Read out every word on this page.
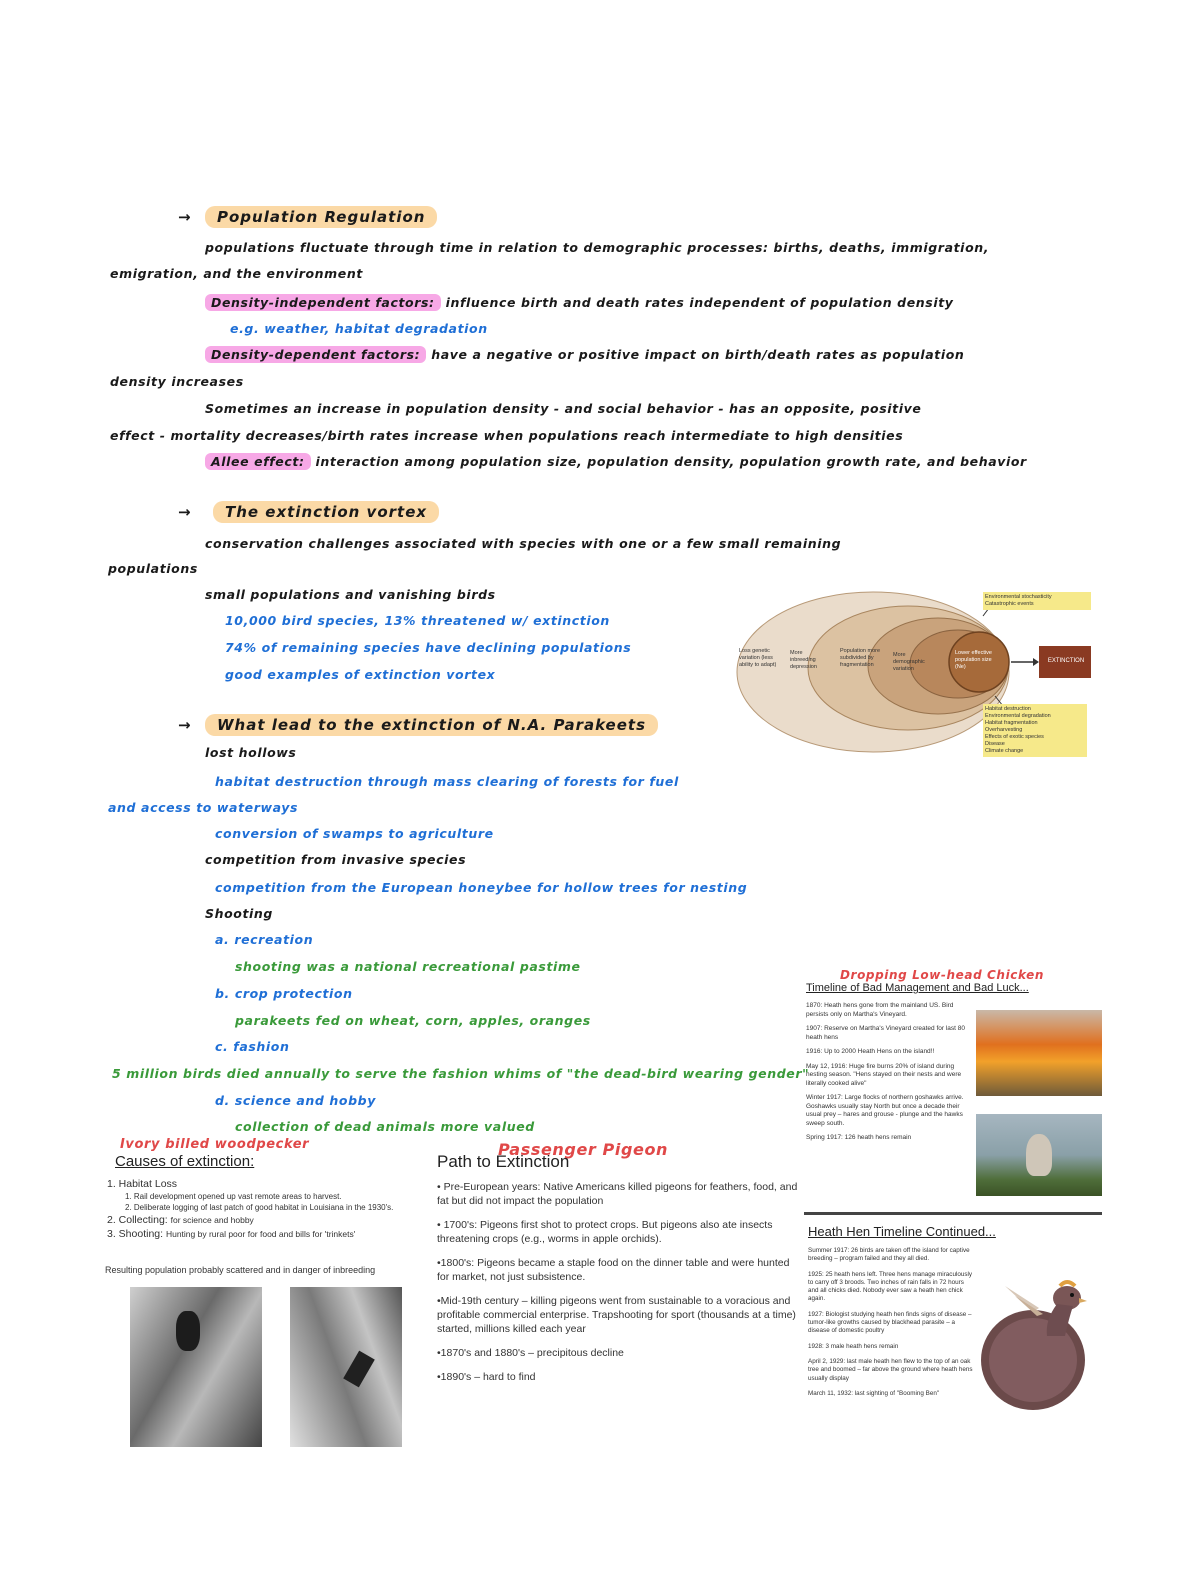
→	Population Regulation
populations fluctuate through time in relation to demographic processes: births, deaths, immigration,
emigration, and the environment
Density-independent factors: influence birth and death rates independent of population density
e.g. weather, habitat degradation
Density-dependent factors: have a negative or positive impact on birth/death rates as population
density increases
Sometimes an increase in population density - and social behavior - has an opposite, positive
effect - mortality decreases/birth rates increase when populations reach intermediate to high densities
Allee effect: interaction among population size, population density, population growth rate, and behavior
→	The extinction vortex
conservation challenges associated with species with one or a few small remaining
populations
small populations and vanishing birds
10,000 bird species, 13% threatened w/ extinction
74% of remaining species have declining populations
good examples of extinction vortex
Loss genetic variation (less ability to adapt)
More inbreeding depression
Population more subdivided by fragmentation
More demographic variation
Lower effective population size (Ne)
EXTINCTION
Environmental stochasticity
Catastrophic events
Habitat destruction
Environmental degradation
Habitat fragmentation
Overharvesting
Effects of exotic species
Disease
Climate change
→	What lead to the extinction of N.A. Parakeets
lost hollows
habitat destruction through mass clearing of forests for fuel
and access to waterways
conversion of swamps to agriculture
competition from invasive species
competition from the European honeybee for hollow trees for nesting
Shooting
a. recreation
shooting was a national recreational pastime
b. crop protection
parakeets fed on wheat, corn, apples, oranges
c. fashion
5 million birds died annually to serve the fashion whims of "the dead-bird wearing gender"
d. science and hobby
collection of dead animals more valued
Ivory billed woodpecker
Causes of extinction:
1. Habitat Loss
1. Rail development opened up vast remote areas to harvest.
2. Deliberate logging of last patch of good habitat in Louisiana in the 1930's.
2. Collecting: for science and hobby
3. Shooting: Hunting by rural poor for food and bills for 'trinkets'
Resulting population probably scattered and in danger of inbreeding
Passenger Pigeon
Path to Extinction
• Pre-European years: Native Americans killed pigeons for feathers, food, and fat but did not impact the population
• 1700's: Pigeons first shot to protect crops. But pigeons also ate insects threatening crops (e.g., worms in apple orchids).
•1800's: Pigeons became a staple food on the dinner table and were hunted for market, not just subsistence.
•Mid-19th century – killing pigeons went from sustainable to a voracious and profitable commercial enterprise. Trapshooting for sport (thousands at a time) started, millions killed each year
•1870's and 1880's – precipitous decline
•1890's – hard to find
Dropping Low-head Chicken
Timeline of Bad Management and Bad Luck...
1870: Heath hens gone from the mainland US. Bird persists only on Martha's Vineyard.
1907: Reserve on Martha's Vineyard created for last 80 heath hens
1916: Up to 2000 Heath Hens on the island!!
May 12, 1916: Huge fire burns 20% of island during nesting season. "Hens stayed on their nests and were literally cooked alive"
Winter 1917: Large flocks of northern goshawks arrive. Goshawks usually stay North but once a decade their usual prey – hares and grouse - plunge and the hawks sweep south.
Spring 1917: 126 heath hens remain
Heath Hen Timeline Continued...
Summer 1917: 26 birds are taken off the island for captive breeding – program failed and they all died.
1925: 25 heath hens left. Three hens manage miraculously to carry off 3 broods. Two inches of rain falls in 72 hours and all chicks died. Nobody ever saw a heath hen chick again.
1927: Biologist studying heath hen finds signs of disease – tumor-like growths caused by blackhead parasite – a disease of domestic poultry
1928: 3 male heath hens remain
April 2, 1929: last male heath hen flew to the top of an oak tree and boomed – far above the ground where heath hens usually display
March 11, 1932: last sighting of "Booming Ben"
